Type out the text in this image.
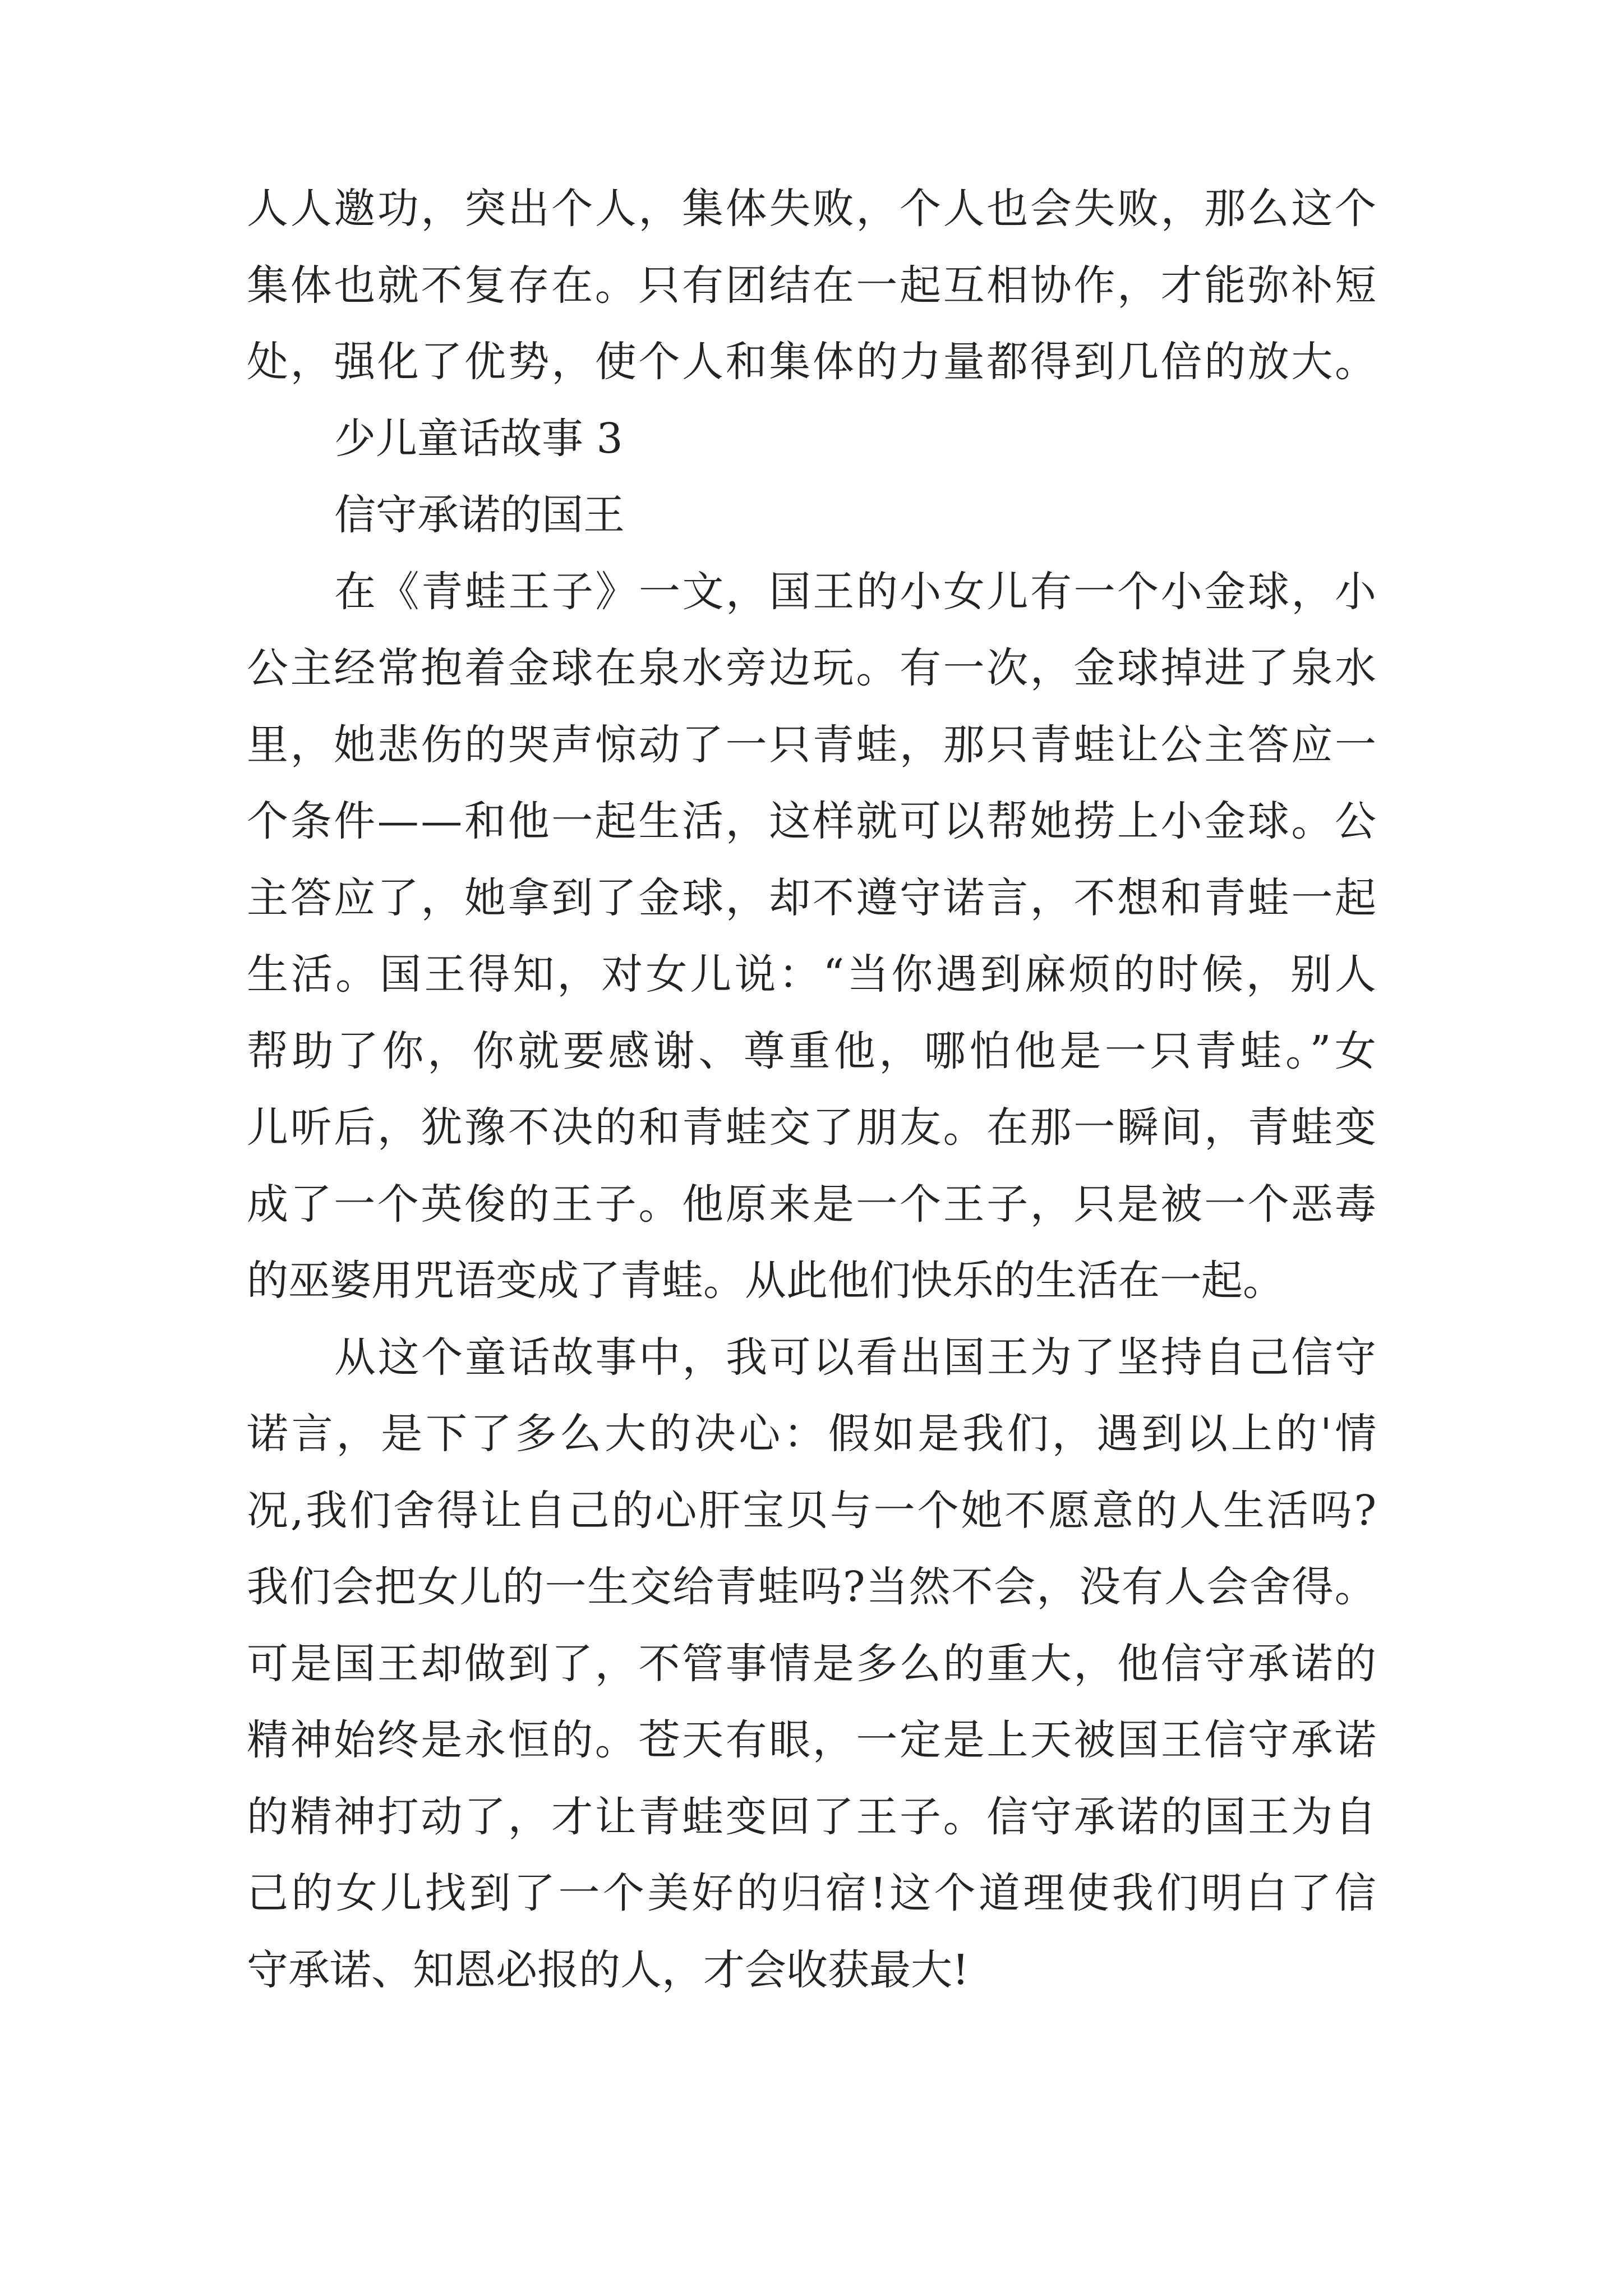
人人邀功，突出个人，集体失败，个人也会失败，那么这个
集体也就不复存在。只有团结在一起互相协作，才能弥补短
处，强化了优势，使个人和集体的力量都得到几倍的放大。
少儿童话故事 3
信守承诺的国王
在《青蛙王子》一文，国王的小女儿有一个小金球，小
公主经常抱着金球在泉水旁边玩。有一次，金球掉进了泉水
里，她悲伤的哭声惊动了一只青蛙，那只青蛙让公主答应一
个条件——和他一起生活，这样就可以帮她捞上小金球。公
主答应了，她拿到了金球，却不遵守诺言，不想和青蛙一起
生活。国王得知，对女儿说：“当你遇到麻烦的时候，别人
帮助了你，你就要感谢、尊重他，哪怕他是一只青蛙。”女
儿听后，犹豫不决的和青蛙交了朋友。在那一瞬间，青蛙变
成了一个英俊的王子。他原来是一个王子，只是被一个恶毒
的巫婆用咒语变成了青蛙。从此他们快乐的生活在一起。
从这个童话故事中，我可以看出国王为了坚持自己信守
诺言，是下了多么大的决心：假如是我们，遇到以上的'情
况,我们舍得让自己的心肝宝贝与一个她不愿意的人生活吗?
我们会把女儿的一生交给青蛙吗?当然不会，没有人会舍得。
可是国王却做到了，不管事情是多么的重大，他信守承诺的
精神始终是永恒的。苍天有眼，一定是上天被国王信守承诺
的精神打动了，才让青蛙变回了王子。信守承诺的国王为自
己的女儿找到了一个美好的归宿!这个道理使我们明白了信
守承诺、知恩必报的人，才会收获最大!
